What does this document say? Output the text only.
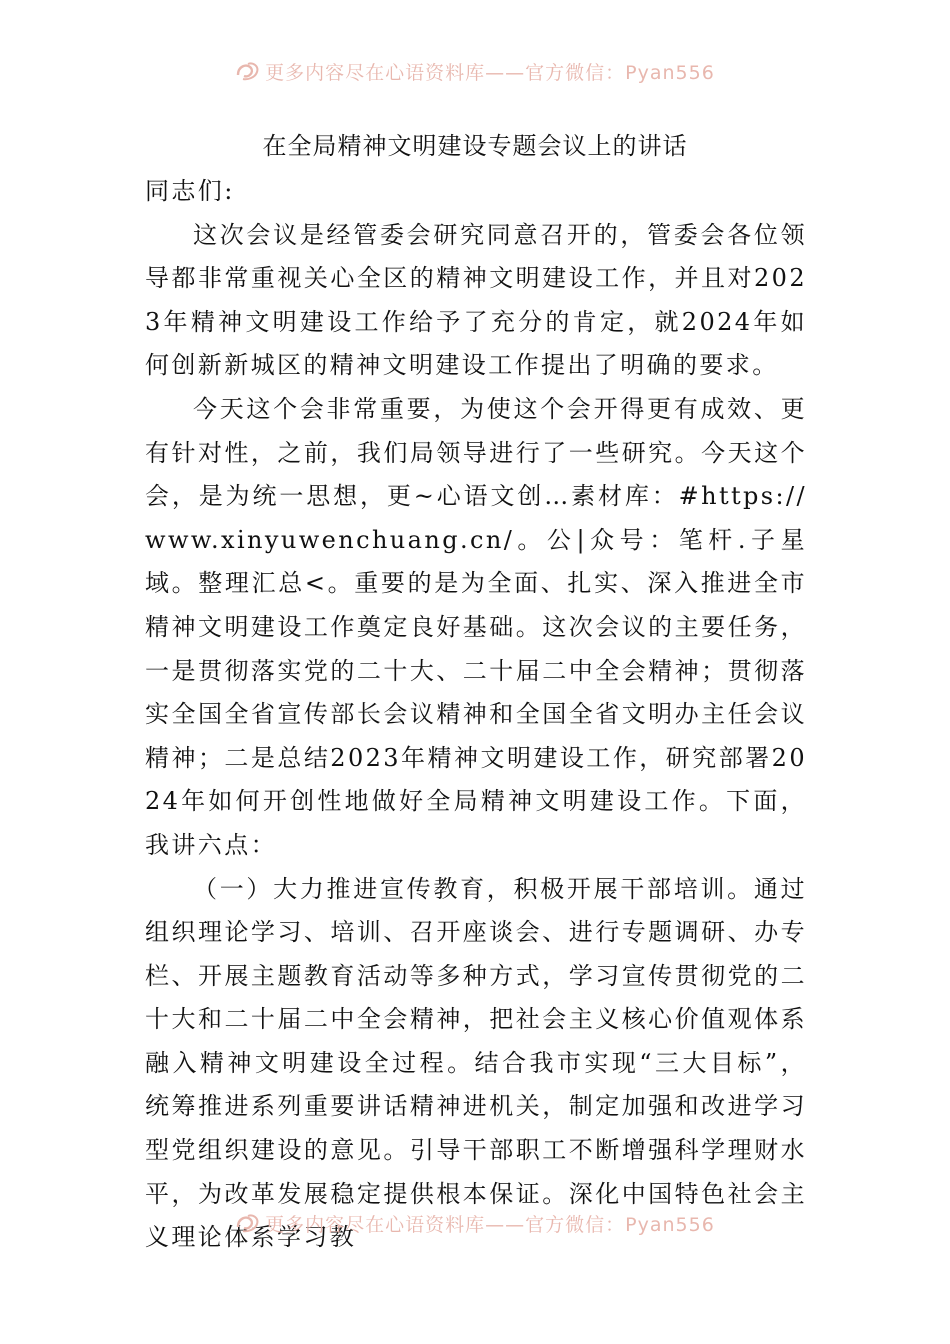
更多内容尽在心语资料库——官方微信：Pyan556
在全局精神文明建设专题会议上的讲话

同志们:

这次会议是经管委会研究同意召开的，管委会各位领导都非常重视关心全区的精神文明建设工作，并且对2023年精神文明建设工作给予了充分的肯定，就2024年如何创新新城区的精神文明建设工作提出了明确的要求。

今天这个会非常重要，为使这个会开得更有成效、更有针对性，之前，我们局领导进行了一些研究。今天这个会，是为统一思想，更~心语文创…素材库：#https://www.xinyuwenchuang.cn/。公|众号：笔杆.子星域。整理汇总<。重要的是为全面、扎实、深入推进全市精神文明建设工作奠定良好基础。这次会议的主要任务，一是贯彻落实党的二十大、二十届二中全会精神；贯彻落实全国全省宣传部长会议精神和全国全省文明办主任会议精神；二是总结2023年精神文明建设工作，研究部署2024年如何开创性地做好全局精神文明建设工作。下面，我讲六点：

（一）大力推进宣传教育，积极开展干部培训。通过组织理论学习、培训、召开座谈会、进行专题调研、办专栏、开展主题教育活动等多种方式，学习宣传贯彻党的二十大和二十届二中全会精神，把社会主义核心价值观体系融入精神文明建设全过程。结合我市实现“三大目标”，统筹推进系列重要讲话精神进机关，制定加强和改进学习型党组织建设的意见。引导干部职工不断增强科学理财水平，为改革发展稳定提供根本保证。深化中国特色社会主义理论体系学习教

更多内容尽在心语资料库——官方微信：Pyan556
